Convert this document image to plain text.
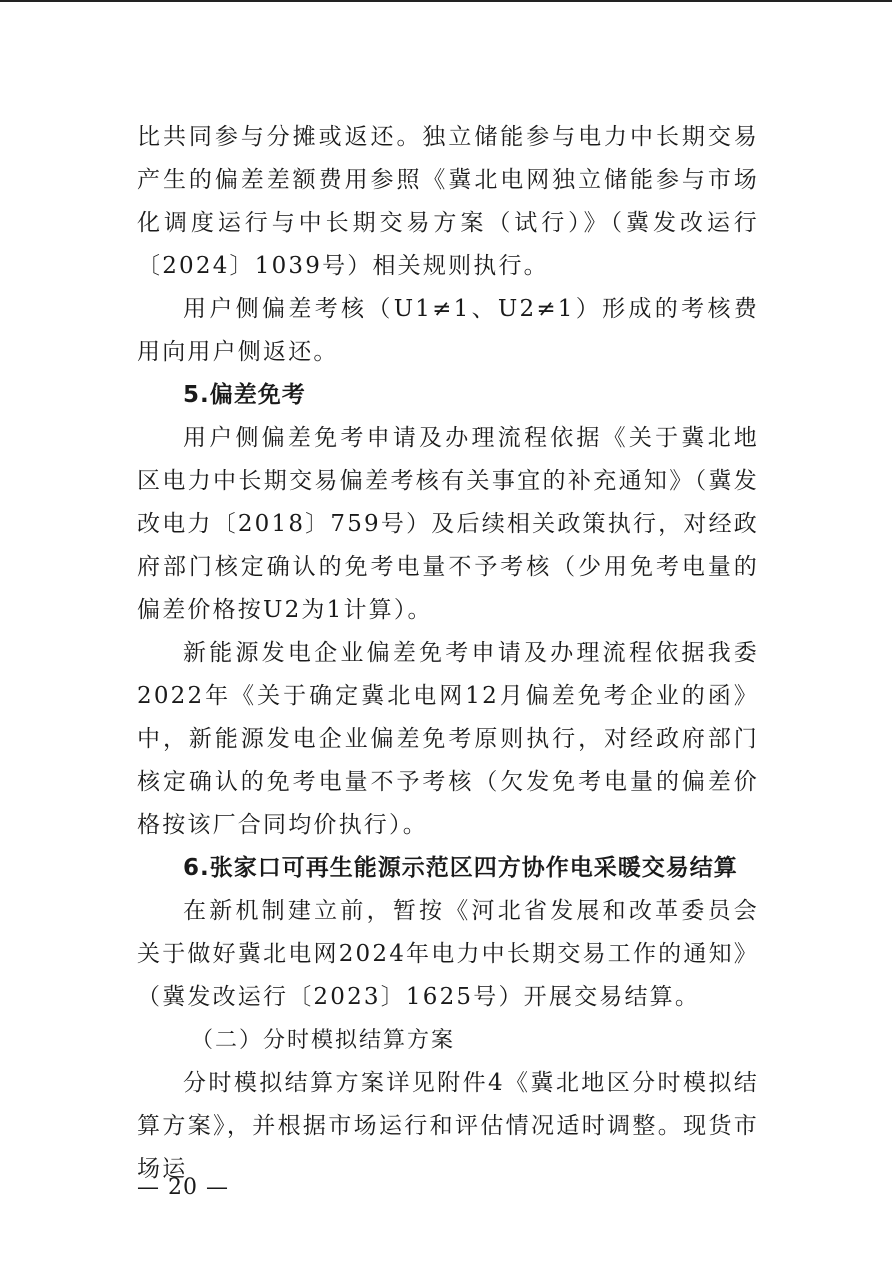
比共同参与分摊或返还。独立储能参与电力中长期交易产生的偏差差额费用参照《冀北电网独立储能参与市场化调度运行与中长期交易方案（试行）》（冀发改运行〔2024〕1039号）相关规则执行。

用户侧偏差考核（U1≠1、U2≠1）形成的考核费用向用户侧返还。

5.偏差免考

用户侧偏差免考申请及办理流程依据《关于冀北地区电力中长期交易偏差考核有关事宜的补充通知》（冀发改电力〔2018〕759号）及后续相关政策执行，对经政府部门核定确认的免考电量不予考核（少用免考电量的偏差价格按U2为1计算）。

新能源发电企业偏差免考申请及办理流程依据我委2022年《关于确定冀北电网12月偏差免考企业的函》中，新能源发电企业偏差免考原则执行，对经政府部门核定确认的免考电量不予考核（欠发免考电量的偏差价格按该厂合同均价执行）。

6.张家口可再生能源示范区四方协作电采暖交易结算

在新机制建立前，暂按《河北省发展和改革委员会关于做好冀北电网2024年电力中长期交易工作的通知》（冀发改运行〔2023〕1625号）开展交易结算。

（二）分时模拟结算方案

分时模拟结算方案详见附件4《冀北地区分时模拟结算方案》，并根据市场运行和评估情况适时调整。现货市场运

— 20 —
